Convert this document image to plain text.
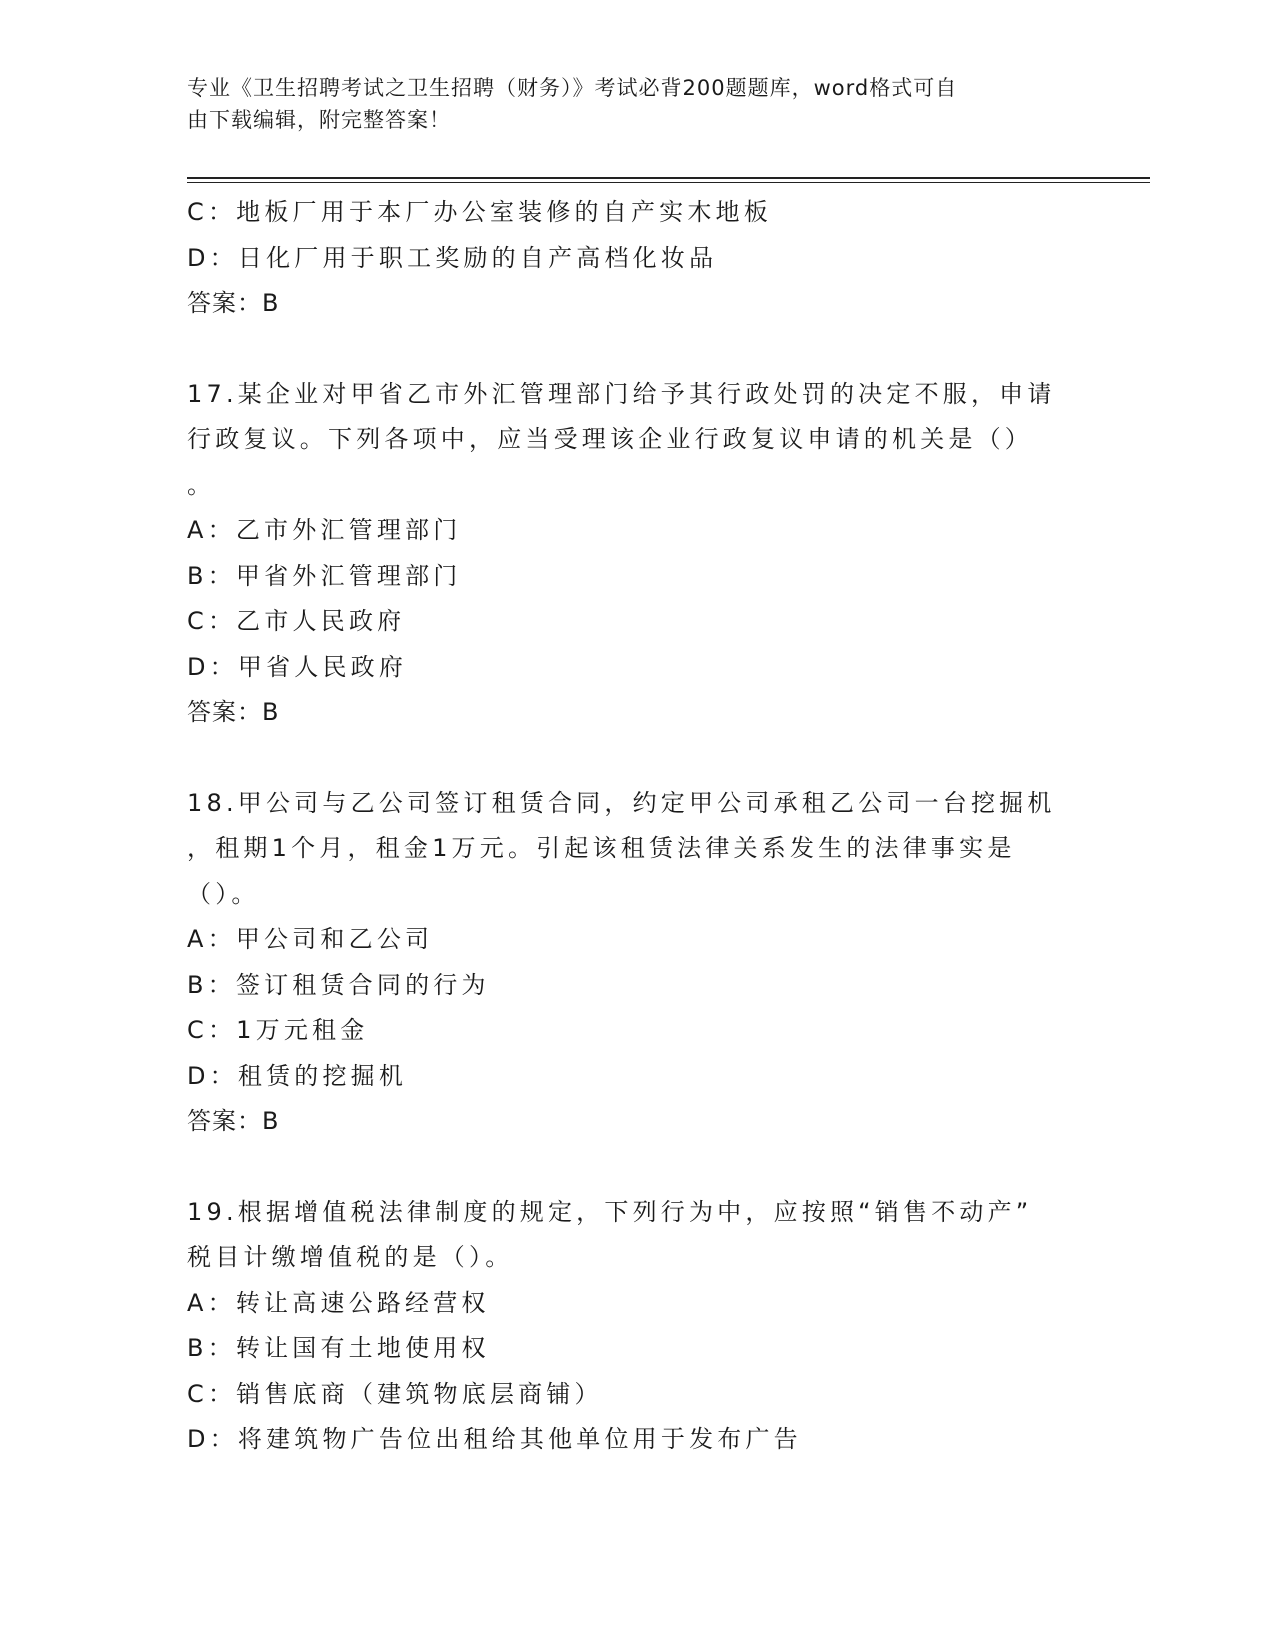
专业《卫生招聘考试之卫生招聘（财务）》考试必背200题题库，word格式可自
由下载编辑，附完整答案！
C：地板厂用于本厂办公室装修的自产实木地板
D：日化厂用于职工奖励的自产高档化妆品
答案：B
17.某企业对甲省乙市外汇管理部门给予其行政处罚的决定不服，申请
行政复议。下列各项中，应当受理该企业行政复议申请的机关是（）
。
A：乙市外汇管理部门
B：甲省外汇管理部门
C：乙市人民政府
D：甲省人民政府
答案：B
18.甲公司与乙公司签订租赁合同，约定甲公司承租乙公司一台挖掘机
，租期1个月，租金1万元。引起该租赁法律关系发生的法律事实是
（）。
A：甲公司和乙公司
B：签订租赁合同的行为
C：1万元租金
D：租赁的挖掘机
答案：B
19.根据增值税法律制度的规定，下列行为中，应按照“销售不动产”
税目计缴增值税的是（）。
A：转让高速公路经营权
B：转让国有土地使用权
C：销售底商（建筑物底层商铺）
D：将建筑物广告位出租给其他单位用于发布广告
